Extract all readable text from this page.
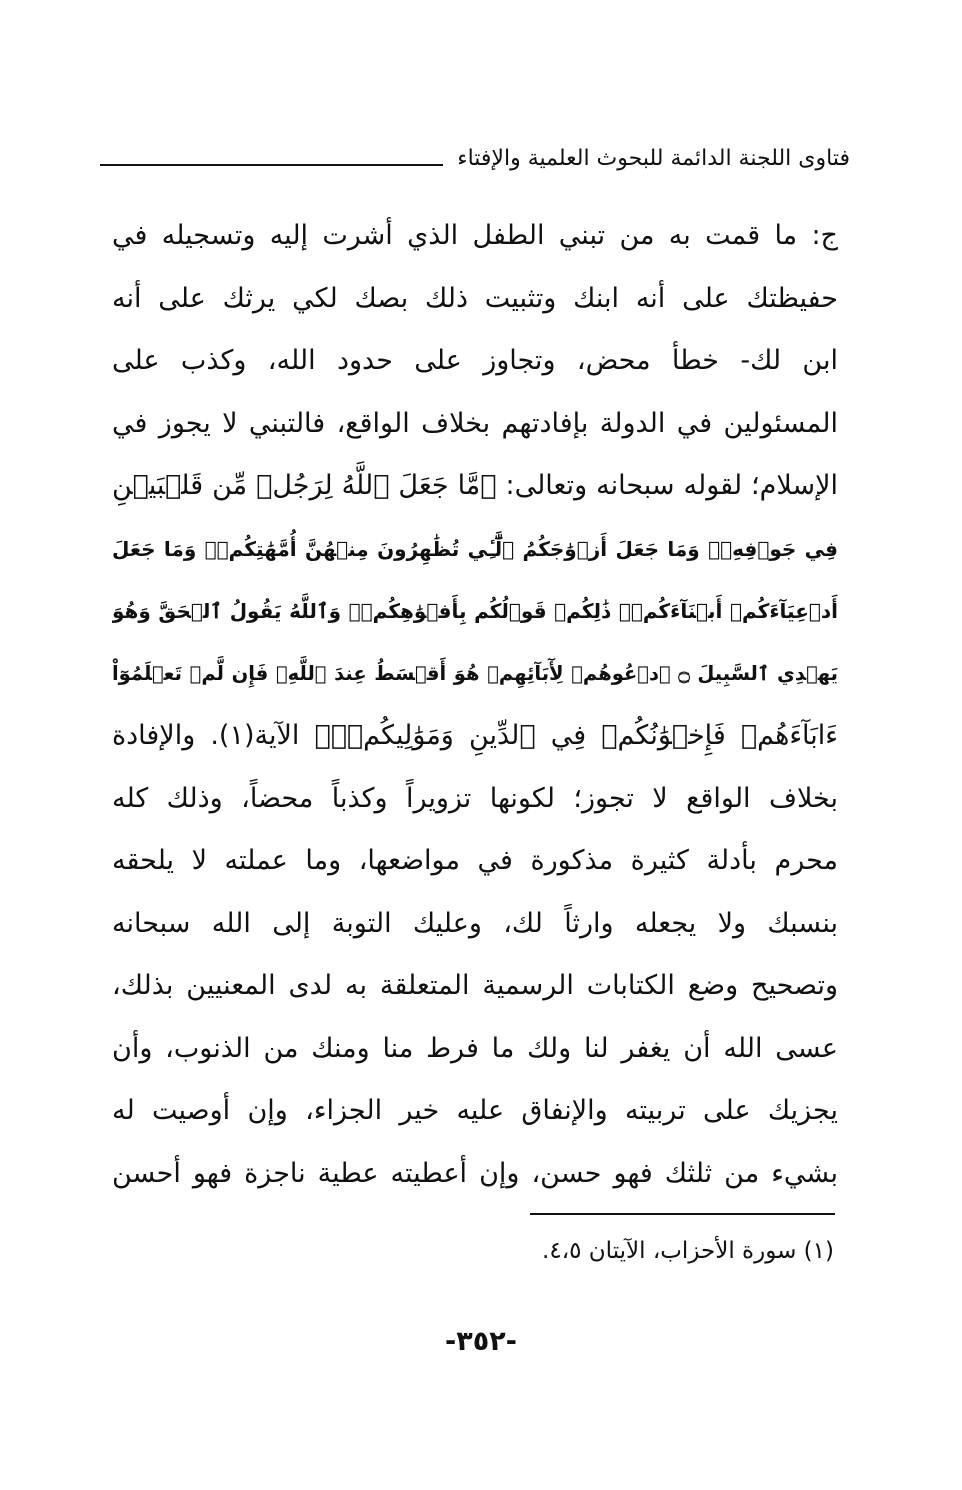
فتاوى اللجنة الدائمة للبحوث العلمية والإفتاء
ج: ما قمت به من تبني الطفل الذي أشرت إليه وتسجيله في
حفيظتك على أنه ابنك وتثبيت ذلك بصك لكي يرثك على أنه
ابن لك- خطأ محض، وتجاوز على حدود الله، وكذب على
المسئولين في الدولة بإفادتهم بخلاف الواقع، فالتبني لا يجوز في
الإسلام؛ لقوله سبحانه وتعالى: ﴿مَّا جَعَلَ ٱللَّهُ لِرَجُلٖ مِّن قَلۡبَيۡنِ
فِي جَوۡفِهِۦۚ وَمَا جَعَلَ أَزۡوَٰجَكُمُ ٱلَّٰٓـِٔي تُظَٰهِرُونَ مِنۡهُنَّ أُمَّهَٰتِكُمۡۚ وَمَا جَعَلَ
أَدۡعِيَآءَكُمۡ أَبۡنَآءَكُمۡۚ ذَٰلِكُمۡ قَوۡلُكُم بِأَفۡوَٰهِكُمۡۖ وَٱللَّهُ يَقُولُ ٱلۡحَقَّ وَهُوَ
يَهۡدِي ٱلسَّبِيلَ ۝ ٱدۡعُوهُمۡ لِأٓبَآئِهِمۡ هُوَ أَقۡسَطُ عِندَ ٱللَّهِۚ فَإِن لَّمۡ تَعۡلَمُوٓاْ
ءَابَآءَهُمۡ فَإِخۡوَٰنُكُمۡ فِي ٱلدِّينِ وَمَوَٰلِيكُمۡۚ﴾ الآية(١). والإفادة
بخلاف الواقع لا تجوز؛ لكونها تزويراً وكذباً محضاً، وذلك كله
محرم بأدلة كثيرة مذكورة في مواضعها، وما عملته لا يلحقه
بنسبك ولا يجعله وارثاً لك، وعليك التوبة إلى الله سبحانه
وتصحيح وضع الكتابات الرسمية المتعلقة به لدى المعنيين بذلك،
عسى الله أن يغفر لنا ولك ما فرط منا ومنك من الذنوب، وأن
يجزيك على تربيته والإنفاق عليه خير الجزاء، وإن أوصيت له
بشيء من ثلثك فهو حسن، وإن أعطيته عطية ناجزة فهو أحسن
(١) سورة الأحزاب، الآيتان ٤،٥.
-٣٥٢-
